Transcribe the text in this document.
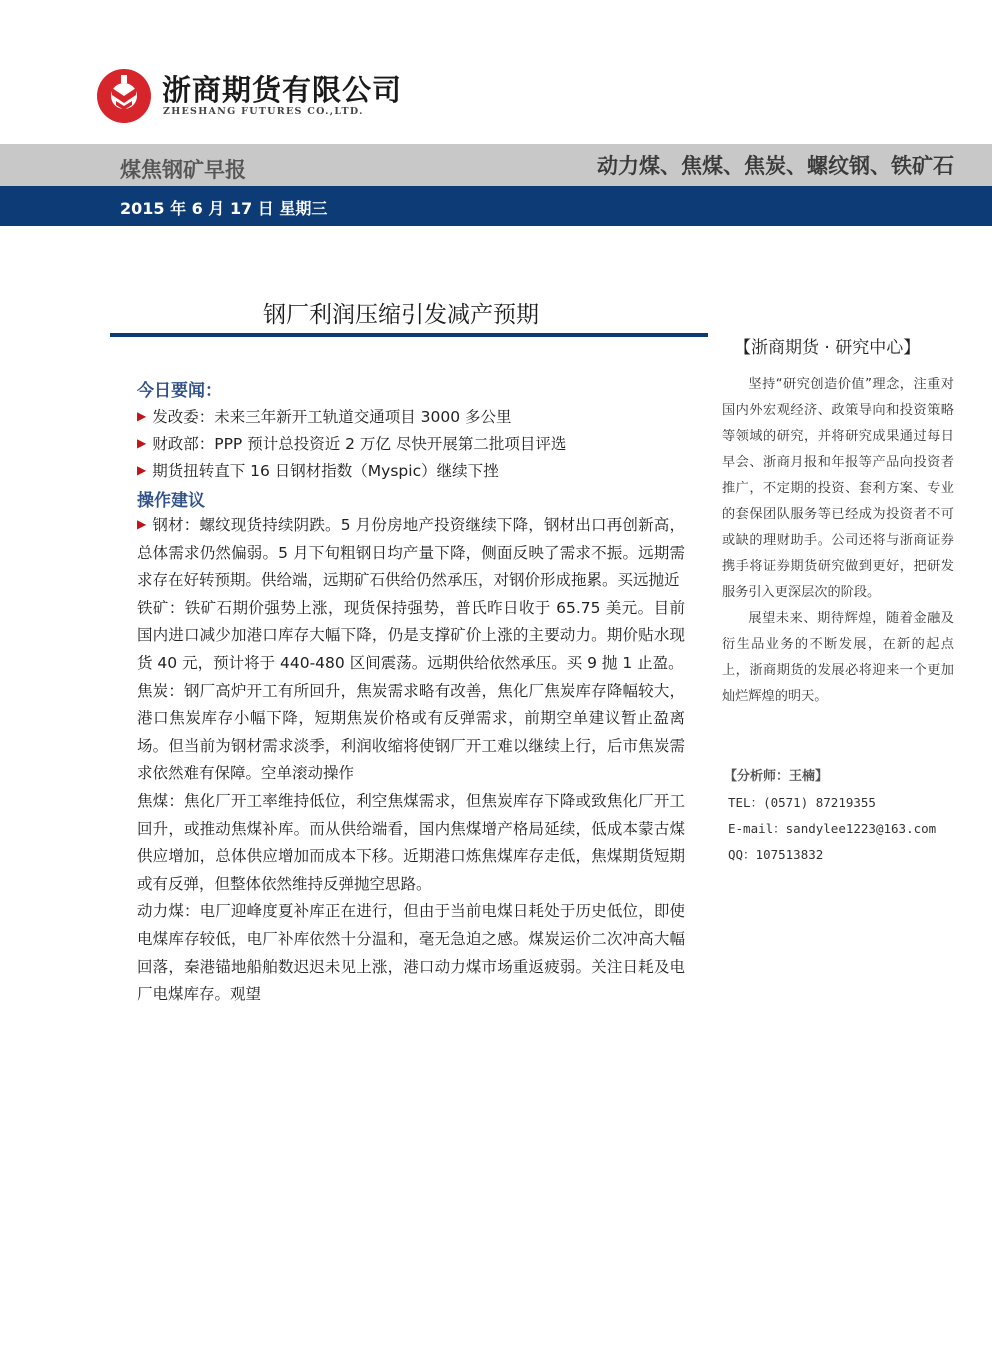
浙商期货有限公司
ZHESHANG FUTURES CO.,LTD.
煤焦钢矿早报	动力煤、焦煤、焦炭、螺纹钢、铁矿石
2015 年 6 月 17 日 星期三
钢厂利润压缩引发减产预期
今日要闻：
▶ 发改委：未来三年新开工轨道交通项目 3000 多公里
▶ 财政部：PPP 预计总投资近 2 万亿 尽快开展第二批项目评选
▶ 期货扭转直下 16 日钢材指数（Myspic）继续下挫
操作建议

▶ 钢材：螺纹现货持续阴跌。5 月份房地产投资继续下降，钢材出口再创新高，总体需求仍然偏弱。5 月下旬粗钢日均产量下降，侧面反映了需求不振。远期需求存在好转预期。供给端，远期矿石供给仍然承压，对钢价形成拖累。买远抛近

铁矿：铁矿石期价强势上涨，现货保持强势，普氏昨日收于 65.75 美元。目前国内进口减少加港口库存大幅下降，仍是支撑矿价上涨的主要动力。期价贴水现货 40 元，预计将于 440-480 区间震荡。远期供给依然承压。买 9 抛 1 止盈。

焦炭：钢厂高炉开工有所回升，焦炭需求略有改善，焦化厂焦炭库存降幅较大，港口焦炭库存小幅下降，短期焦炭价格或有反弹需求，前期空单建议暂止盈离场。但当前为钢材需求淡季，利润收缩将使钢厂开工难以继续上行，后市焦炭需求依然难有保障。空单滚动操作

焦煤：焦化厂开工率维持低位，利空焦煤需求，但焦炭库存下降或致焦化厂开工回升，或推动焦煤补库。而从供给端看，国内焦煤增产格局延续，低成本蒙古煤供应增加，总体供应增加而成本下移。近期港口炼焦煤库存走低，焦煤期货短期或有反弹，但整体依然维持反弹抛空思路。

动力煤：电厂迎峰度夏补库正在进行，但由于当前电煤日耗处于历史低位，即使电煤库存较低，电厂补库依然十分温和，毫无急迫之感。煤炭运价二次冲高大幅回落，秦港锚地船舶数迟迟未见上涨，港口动力煤市场重返疲弱。关注日耗及电厂电煤库存。观望

【浙商期货 · 研究中心】

坚持“研究创造价值”理念，注重对国内外宏观经济、政策导向和投资策略等领域的研究，并将研究成果通过每日早会、浙商月报和年报等产品向投资者推广，不定期的投资、套利方案、专业的套保团队服务等已经成为投资者不可或缺的理财助手。公司还将与浙商证券携手将证券期货研究做到更好，把研发服务引入更深层次的阶段。

展望未来、期待辉煌，随着金融及衍生品业务的不断发展，在新的起点上，浙商期货的发展必将迎来一个更加灿烂辉煌的明天。

【分析师：王楠】
TEL：(0571) 87219355
E-mail：sandylee1223@163.com
QQ：107513832
